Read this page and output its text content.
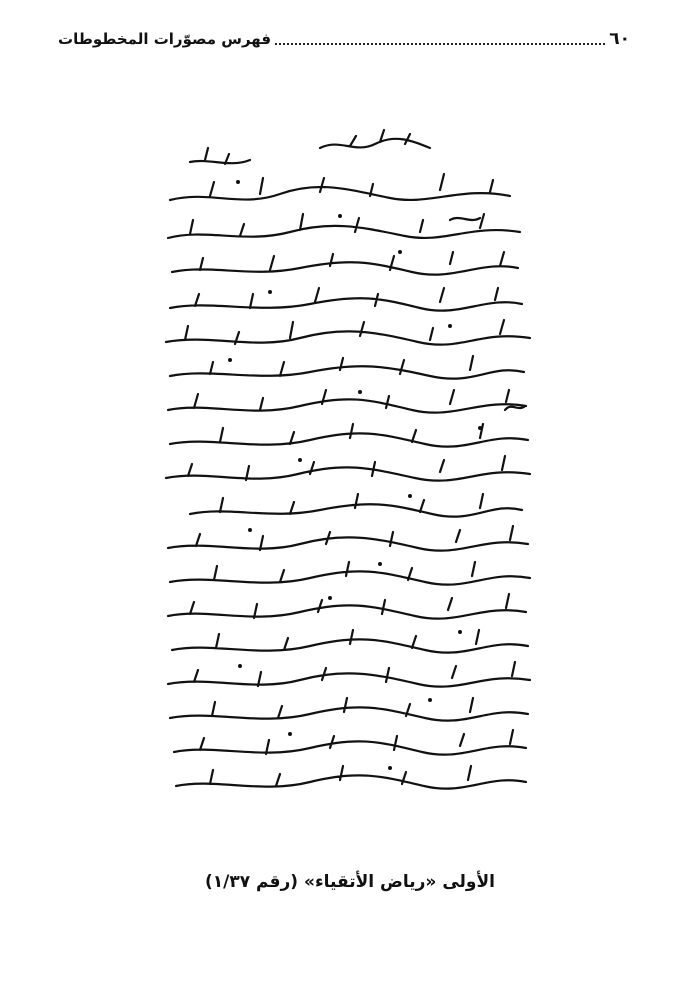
٦٠
فهرس مصوّرات المخطوطات
الأولى «رياض الأتقياء» (رقم ١/٣٧)
